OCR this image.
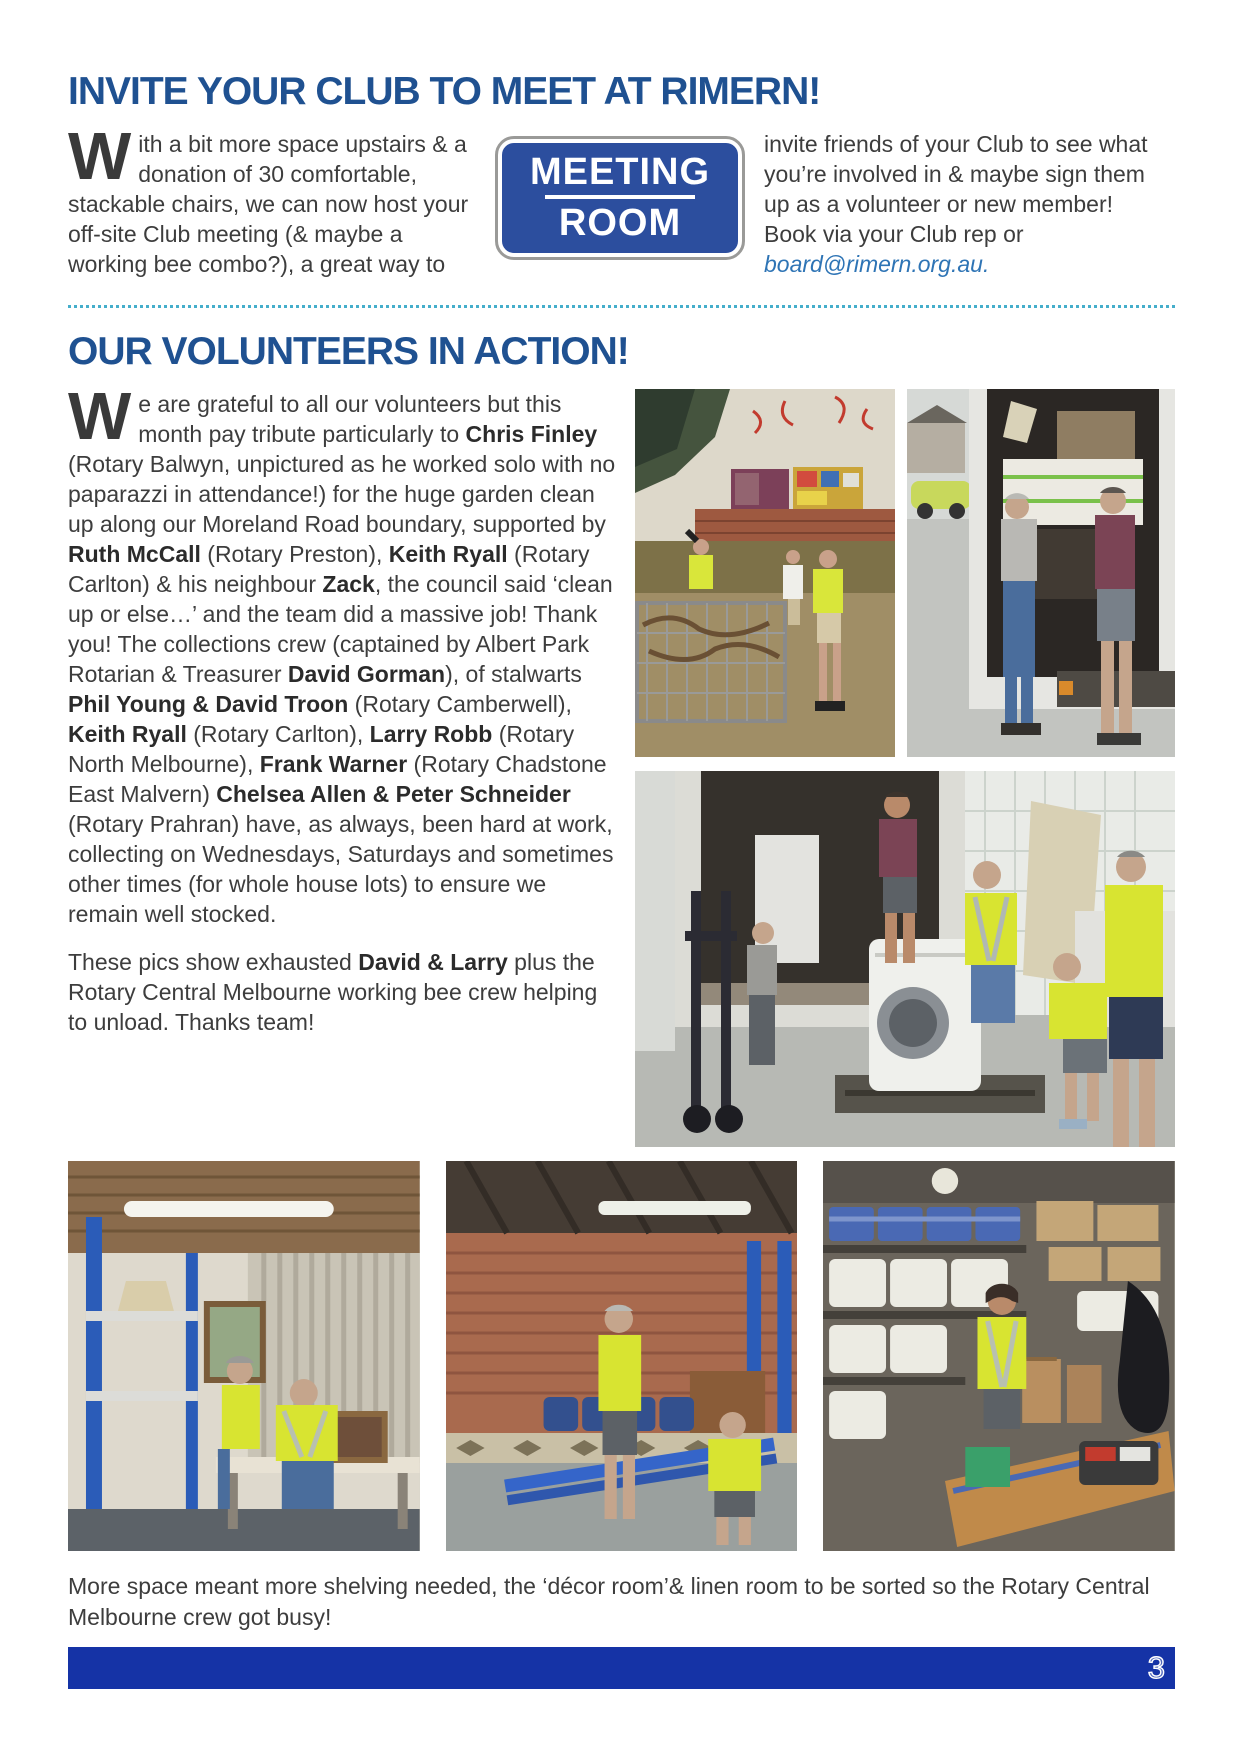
INVITE YOUR CLUB TO MEET AT RIMERN!
With a bit more space upstairs & a donation of 30 comfortable, stackable chairs, we can now host your off-site Club meeting (& maybe a working bee combo?), a great way to
MEETING
ROOM
invite friends of your Club to see what you’re involved in & maybe sign them up as a volunteer or new member! Book via your Club rep or board@rimern.org.au.
OUR VOLUNTEERS IN ACTION!

We are grateful to all our volunteers but this month pay tribute particularly to Chris Finley (Rotary Balwyn, unpictured as he worked solo with no paparazzi in attendance!) for the huge garden clean up along our Moreland Road boundary, supported by Ruth McCall (Rotary Preston), Keith Ryall (Rotary Carlton) & his neighbour Zack, the council said ‘clean up or else…’ and the team did a massive job! Thank you! The collections crew (captained by Albert Park Rotarian & Treasurer David Gorman), of stalwarts Phil Young & David Troon (Rotary Camberwell), Keith Ryall (Rotary Carlton), Larry Robb (Rotary North Melbourne), Frank Warner (Rotary Chadstone East Malvern) Chelsea Allen & Peter Schneider (Rotary Prahran) have, as always, been hard at work, collecting on Wednesdays, Saturdays and sometimes other times (for whole house lots) to ensure we remain well stocked.

These pics show exhausted David & Larry plus the Rotary Central Melbourne working bee crew helping to unload. Thanks team!

More space meant more shelving needed, the ‘décor room’& linen room to be sorted so the Rotary Central Melbourne crew got busy!
3
